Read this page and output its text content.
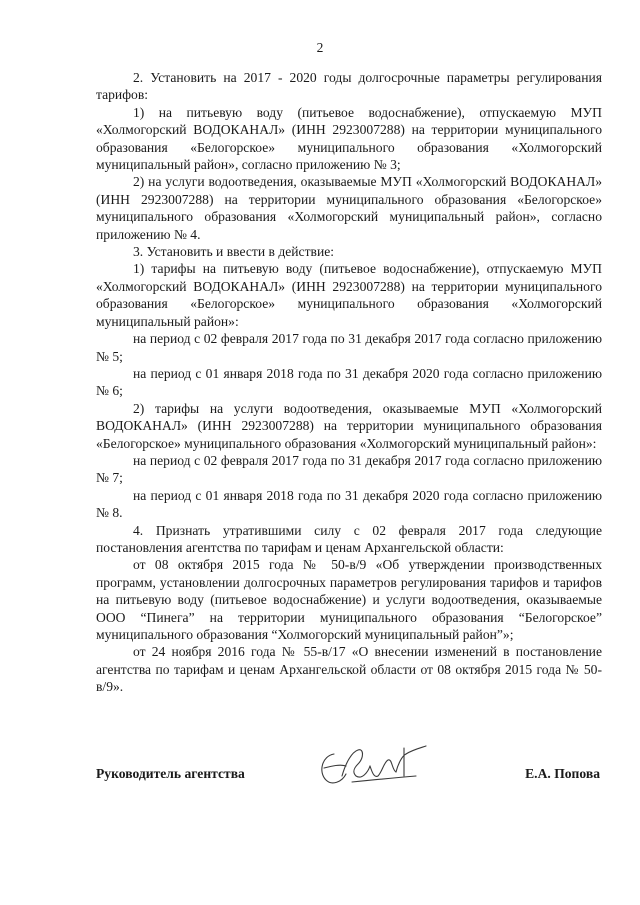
2

2. Установить на 2017 - 2020 годы долгосрочные параметры регулирования тарифов:

1) на питьевую воду (питьевое водоснабжение), отпускаемую МУП «Холмогорский ВОДОКАНАЛ» (ИНН 2923007288) на территории муниципального образования «Белогорское» муниципального образования «Холмогорский муниципальный район», согласно приложению № 3;

2) на услуги водоотведения, оказываемые МУП «Холмогорский ВОДОКАНАЛ» (ИНН 2923007288) на территории муниципального образования «Белогорское» муниципального образования «Холмогорский муниципальный район», согласно приложению № 4.

3. Установить и ввести в действие:

1) тарифы на питьевую воду (питьевое водоснабжение), отпускаемую МУП «Холмогорский ВОДОКАНАЛ» (ИНН 2923007288) на территории муниципального образования «Белогорское» муниципального образования «Холмогорский муниципальный район»:

на период с 02 февраля 2017 года по 31 декабря 2017 года согласно приложению № 5;

на период с 01 января 2018 года по 31 декабря 2020 года согласно приложению № 6;

2) тарифы на услуги водоотведения, оказываемые МУП «Холмогорский ВОДОКАНАЛ» (ИНН 2923007288) на территории муниципального образования «Белогорское» муниципального образования «Холмогорский муниципальный район»:

на период с 02 февраля 2017 года по 31 декабря 2017 года согласно приложению № 7;

на период с 01 января 2018 года по 31 декабря 2020 года согласно приложению № 8.

4. Признать утратившими силу с 02 февраля 2017 года следующие постановления агентства по тарифам и ценам Архангельской области:

от 08 октября 2015 года № 50-в/9 «Об утверждении производственных программ, установлении долгосрочных параметров регулирования тарифов и тарифов на питьевую воду (питьевое водоснабжение) и услуги водоотведения, оказываемые ООО “Пинега” на территории муниципального образования “Белогорское” муниципального образования “Холмогорский муниципальный район”»;

от 24 ноября 2016 года № 55-в/17 «О внесении изменений в постановление агентства по тарифам и ценам Архангельской области от 08 октября 2015 года № 50-в/9».

Руководитель агентства	Е.А. Попова
